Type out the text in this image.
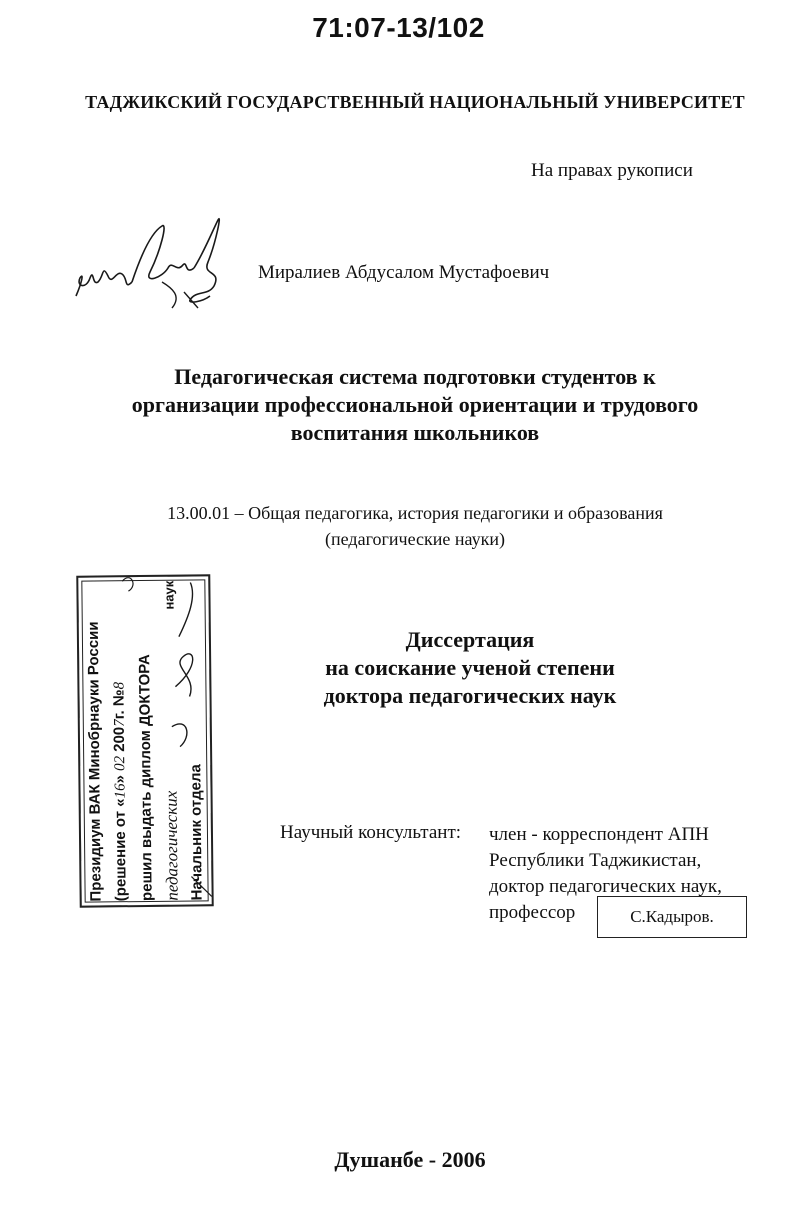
71:07-13/102
ТАДЖИКСКИЙ ГОСУДАРСТВЕННЫЙ НАЦИОНАЛЬНЫЙ УНИВЕРСИТЕТ
На правах рукописи
Миралиев Абдусалом Мустафоевич
Педагогическая система подготовки студентов к
организации профессиональной ориентации и трудового
воспитания школьников
13.00.01 – Общая педагогика, история педагогики и образования
(педагогические науки)
Президиум ВАК Минобрнауки России (решение от «16» 02 2007г. №8 решил выдать диплом ДОКТОРА педагогических
наук
Начальник отдела
Диссертация
на соискание ученой степени
доктора педагогических наук
Научный консультант: член - корреспондент АПН
Республики Таджикистан,
доктор педагогических наук,
профессор	С.Кадыров.
Душанбе - 2006
